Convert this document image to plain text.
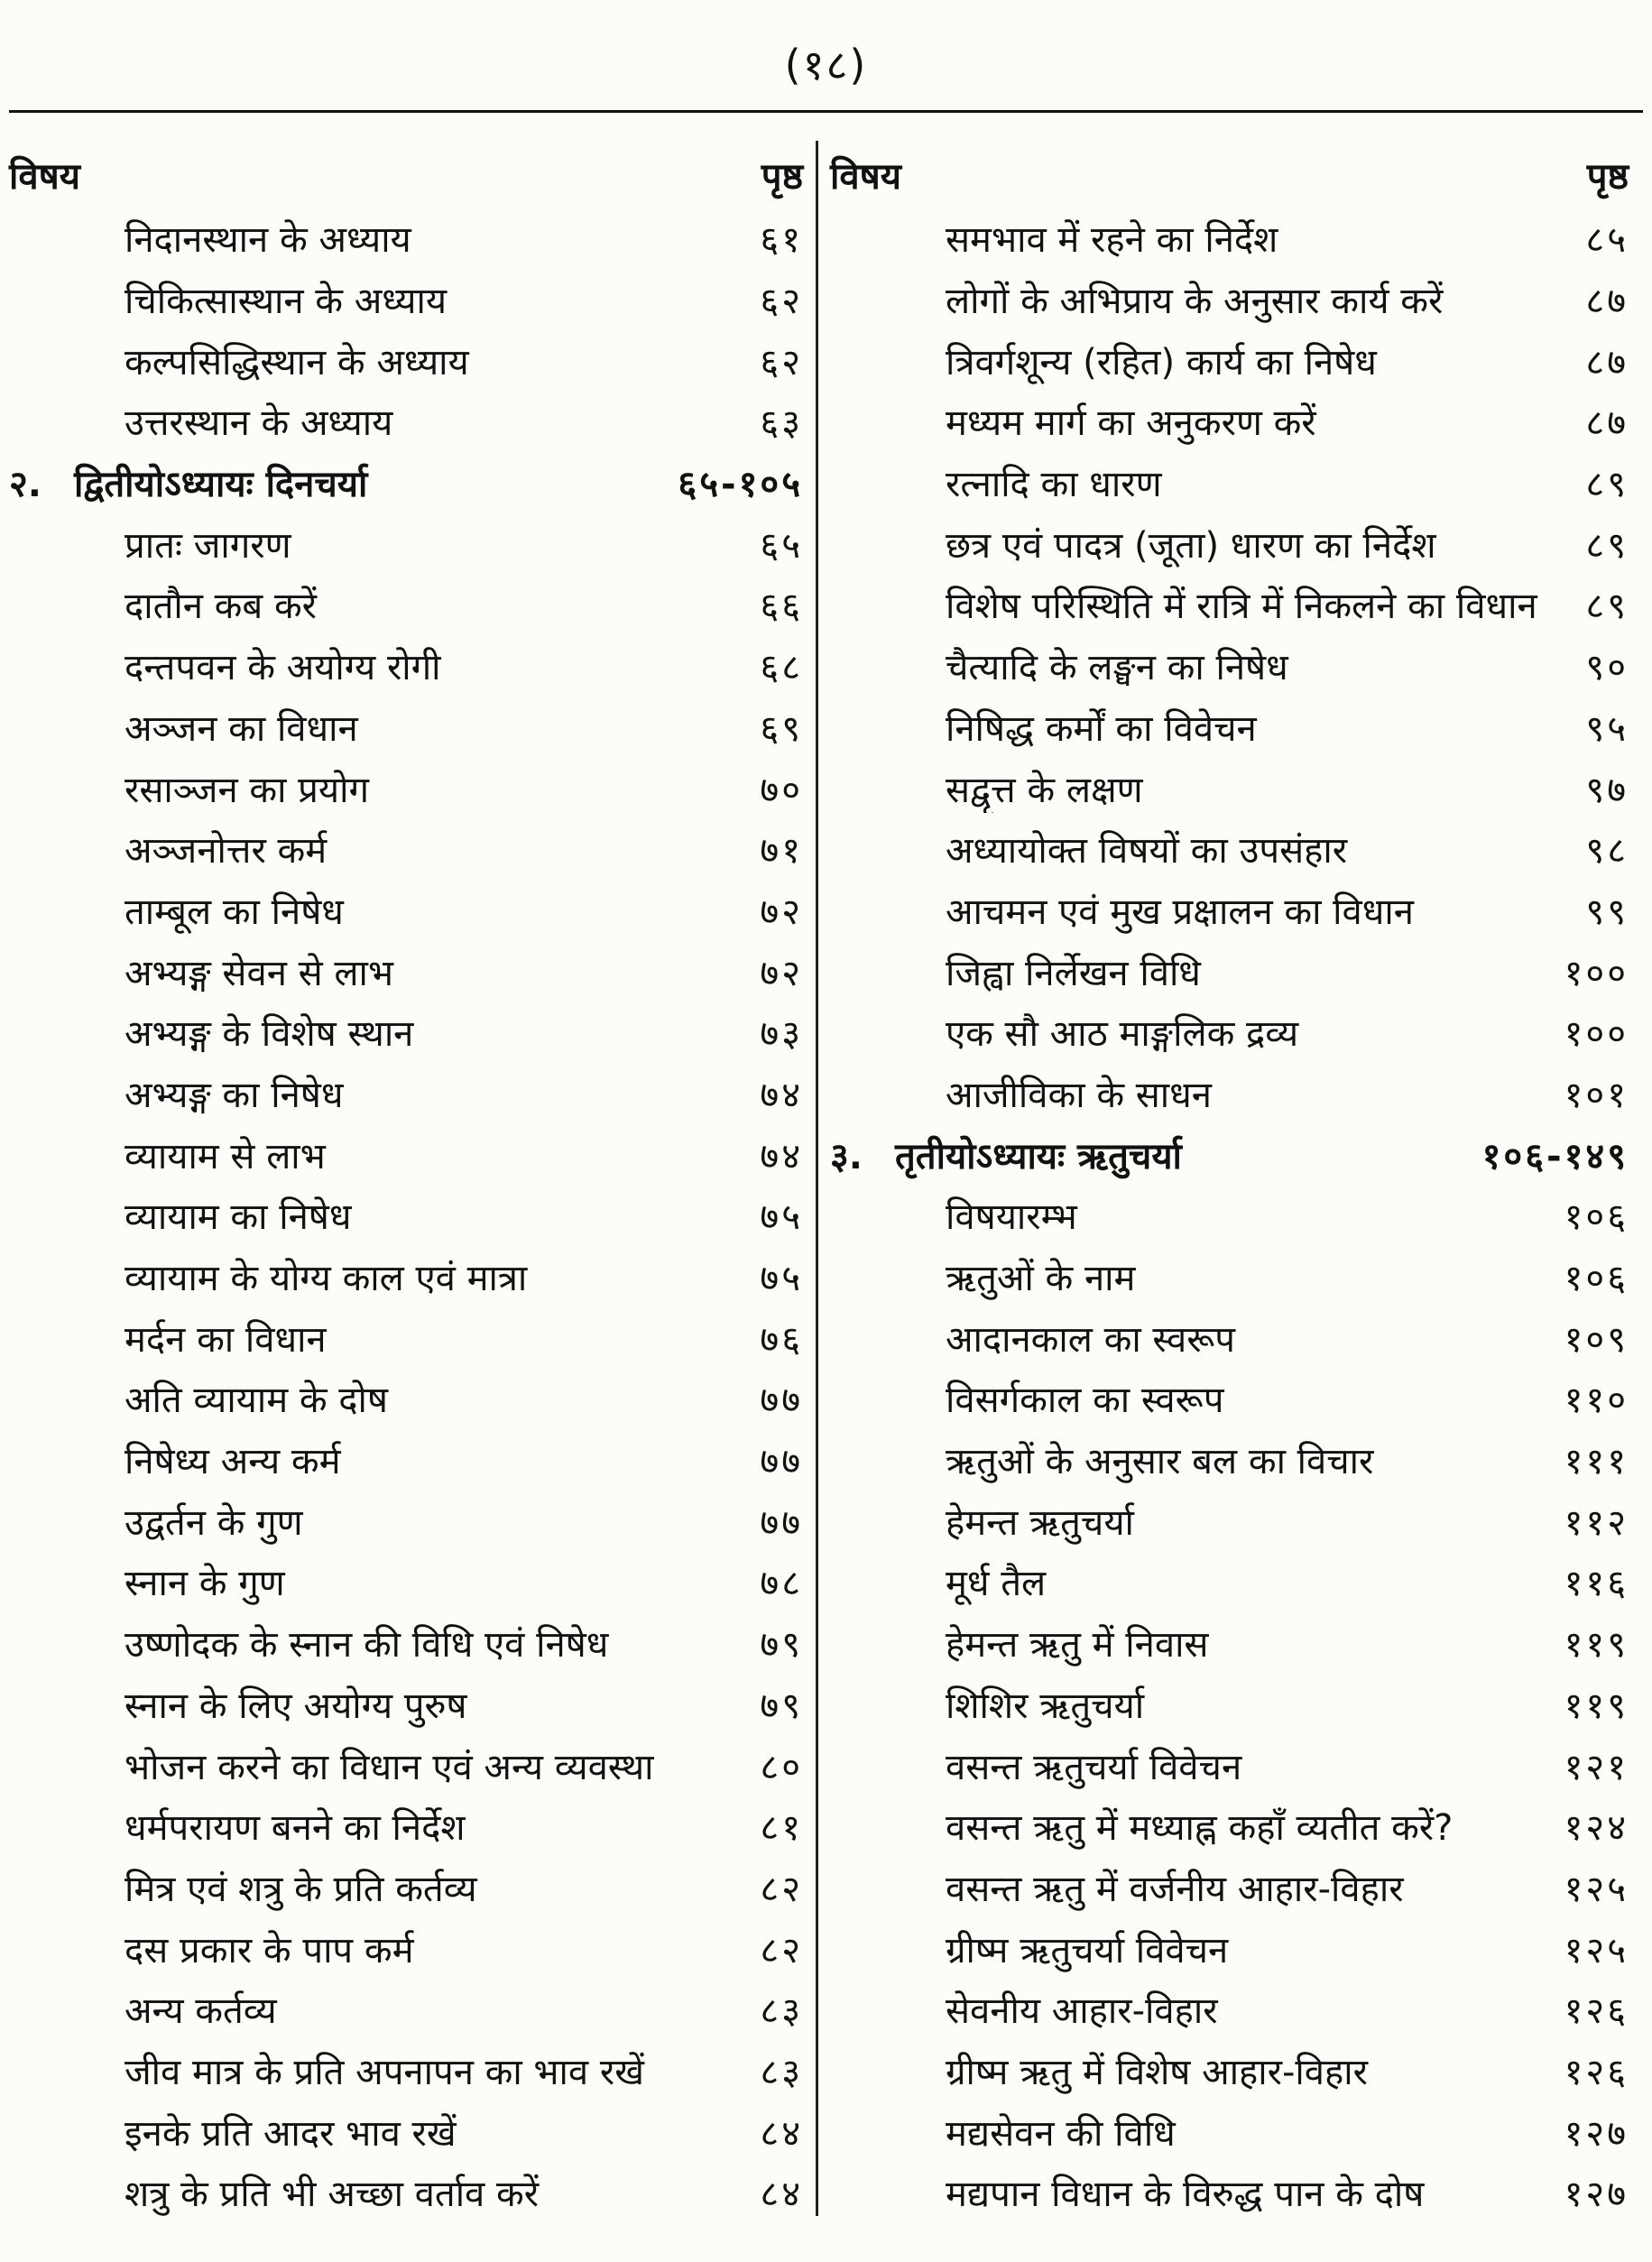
(१८)
विषय	पृष्ठ
निदानस्थान के अध्याय	६१
चिकित्सास्थान के अध्याय	६२
कल्पसिद्धिस्थान के अध्याय	६२
उत्तरस्थान के अध्याय	६३
२. द्वितीयोऽध्यायः दिनचर्या	६५-१०५
प्रातः जागरण	६५
दातौन कब करें	६६
दन्तपवन के अयोग्य रोगी	६८
अञ्जन का विधान	६९
रसाञ्जन का प्रयोग	७०
अञ्जनोत्तर कर्म	७१
ताम्बूल का निषेध	७२
अभ्यङ्ग सेवन से लाभ	७२
अभ्यङ्ग के विशेष स्थान	७३
अभ्यङ्ग का निषेध	७४
व्यायाम से लाभ	७४
व्यायाम का निषेध	७५
व्यायाम के योग्य काल एवं मात्रा	७५
मर्दन का विधान	७६
अति व्यायाम के दोष	७७
निषेध्य अन्य कर्म	७७
उद्वर्तन के गुण	७७
स्नान के गुण	७८
उष्णोदक के स्नान की विधि एवं निषेध	७९
स्नान के लिए अयोग्य पुरुष	७९
भोजन करने का विधान एवं अन्य व्यवस्था	८०
धर्मपरायण बनने का निर्देश	८१
मित्र एवं शत्रु के प्रति कर्तव्य	८२
दस प्रकार के पाप कर्म	८२
अन्य कर्तव्य	८३
जीव मात्र के प्रति अपनापन का भाव रखें	८३
इनके प्रति आदर भाव रखें	८४
शत्रु के प्रति भी अच्छा वर्ताव करें	८४
विषय	पृष्ठ
समभाव में रहने का निर्देश	८५
लोगों के अभिप्राय के अनुसार कार्य करें	८७
त्रिवर्गशून्य (रहित) कार्य का निषेध	८७
मध्यम मार्ग का अनुकरण करें	८७
रत्नादि का धारण	८९
छत्र एवं पादत्र (जूता) धारण का निर्देश	८९
विशेष परिस्थिति में रात्रि में निकलने का विधान	८९
चैत्यादि के लङ्घन का निषेध	९०
निषिद्ध कर्मों का विवेचन	९५
सद्वृत्त के लक्षण	९७
अध्यायोक्त विषयों का उपसंहार	९८
आचमन एवं मुख प्रक्षालन का विधान	९९
जिह्वा निर्लेखन विधि	१००
एक सौ आठ माङ्गलिक द्रव्य	१००
आजीविका के साधन	१०१
३. तृतीयोऽध्यायः ऋतुचर्या	१०६-१४९
विषयारम्भ	१०६
ऋतुओं के नाम	१०६
आदानकाल का स्वरूप	१०९
विसर्गकाल का स्वरूप	११०
ऋतुओं के अनुसार बल का विचार	१११
हेमन्त ऋतुचर्या	११२
मूर्ध तैल	११६
हेमन्त ऋतु में निवास	११९
शिशिर ऋतुचर्या	११९
वसन्त ऋतुचर्या विवेचन	१२१
वसन्त ऋतु में मध्याह्न कहाँ व्यतीत करें?	१२४
वसन्त ऋतु में वर्जनीय आहार-विहार	१२५
ग्रीष्म ऋतुचर्या विवेचन	१२५
सेवनीय आहार-विहार	१२६
ग्रीष्म ऋतु में विशेष आहार-विहार	१२६
मद्यसेवन की विधि	१२७
मद्यपान विधान के विरुद्ध पान के दोष	१२७
